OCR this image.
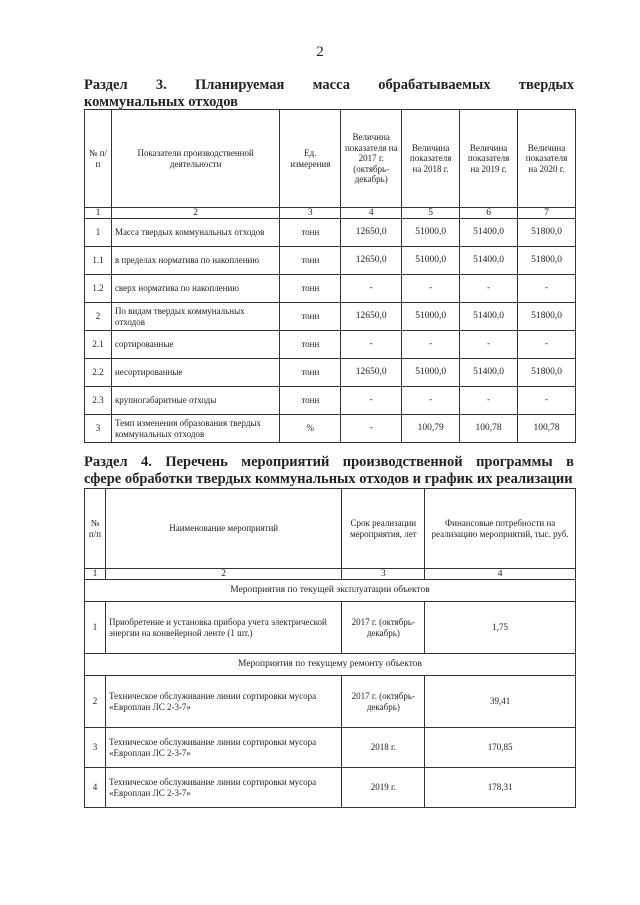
2
Раздел 3. Планируемая масса обрабатываемых твердых
коммунальных отходов
№ п/п	Показатели производственной деятельности	Ед. измерения	Величина показателя на 2017 г. (октябрь-декабрь)	Величина показателя на 2018 г.	Величина показателя на 2019 г.	Величина показателя на 2020 г.
1	2	3	4	5	6	7
1	Масса твердых коммунальных отходов	тонн	12650,0	51000,0	51400,0	51800,0
1.1	в пределах норматива по накоплению	тонн	12650,0	51000,0	51400,0	51800,0
1.2	сверх норматива по накоплению	тонн	-	-	-	-
2	По видам твердых коммунальных отходов	тонн	12650,0	51000,0	51400,0	51800,0
2.1	сортированные	тонн	-	-	-	-
2.2	несортированные	тонн	12650,0	51000,0	51400,0	51800,0
2.3	крупногабаритные отходы	тонн	-	-	-	-
3	Темп изменения образования твердых коммунальных отходов	%	-	100,79	100,78	100,78
Раздел 4. Перечень мероприятий производственной программы в
сфере обработки твердых коммунальных отходов и график их реализации
№ п/п	Наименование мероприятий	Срок реализации мероприятия, лет	Финансовые потребности на реализацию мероприятий, тыс. руб.
1	2	3	4
Мероприятия по текущей эксплуатации объектов			
1	Приобретение и установка прибора учета электрической энергии на конвейерной ленте (1 шт.)	2017 г. (октябрь-декабрь)	1,75
Мероприятия по текущему ремонту объектов			
2	Техническое обслуживание линии сортировки мусора «Европлан ЛС 2-3-7»	2017 г. (октябрь-декабрь)	39,41
3	Техническое обслуживание линии сортировки мусора «Европлан ЛС 2-3-7»	2018 г.	170,85
4	Техническое обслуживание линии сортировки мусора «Европлан ЛС 2-3-7»	2019 г.	178,31
